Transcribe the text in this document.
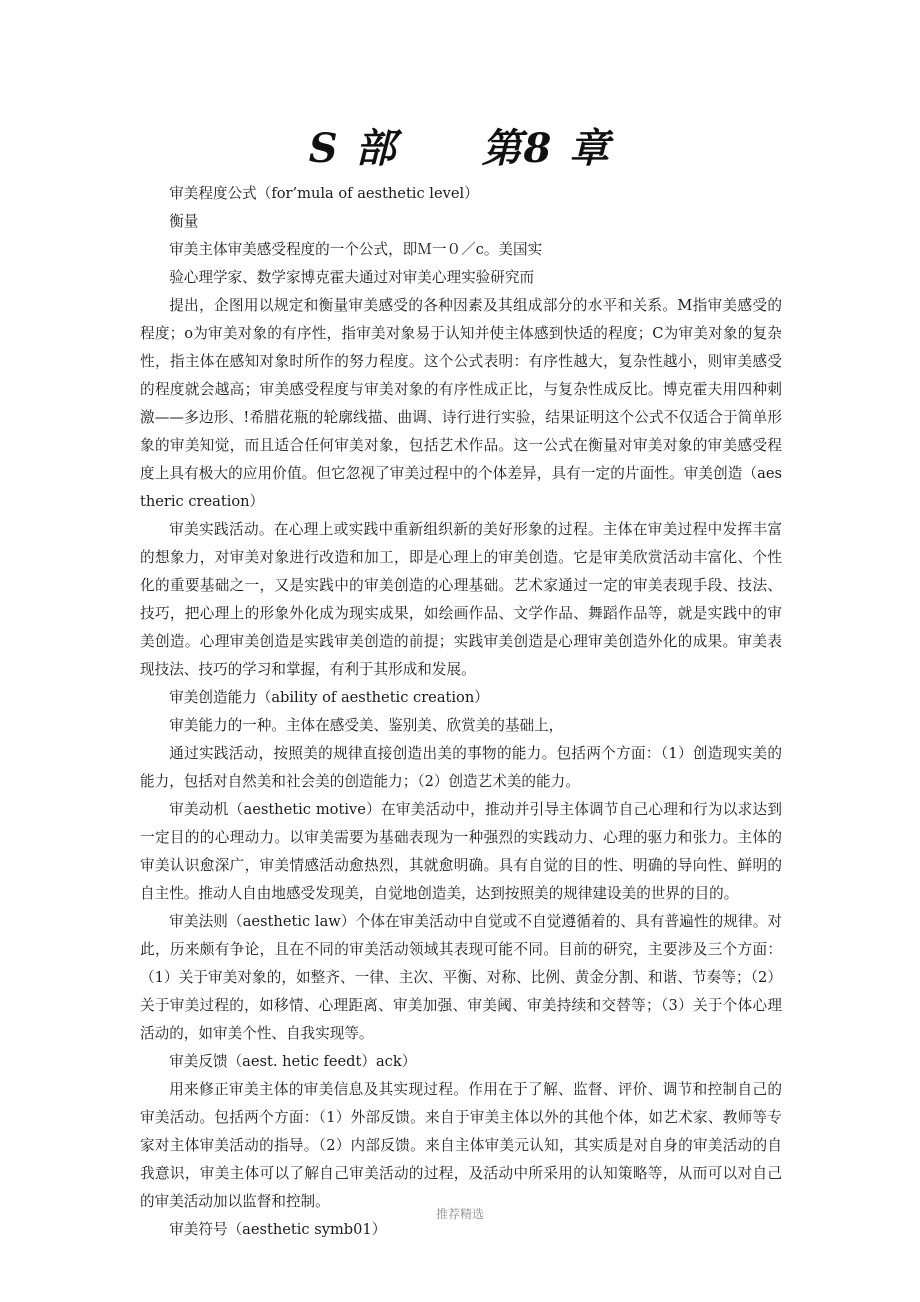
S 部　　第8 章

审美程度公式（for’mula of aesthetic level）

衡量

审美主体审美感受程度的一个公式，即Ｍ一０／c。美国实

验心理学家、数学家博克霍夫通过对审美心理实验研究而

提出，企图用以规定和衡量审美感受的各种因素及其组成部分的水平和关系。M指审美感受的程度；o为审美对象的有序性，指审美对象易于认知并使主体感到快适的程度；C为审美对象的复杂性，指主体在感知对象时所作的努力程度。这个公式表明：有序性越大，复杂性越小，则审美感受的程度就会越高；审美感受程度与审美对象的有序性成正比，与复杂性成反比。博克霍夫用四种刺激——多边形、!希腊花瓶的轮廓线描、曲调、诗行进行实验，结果证明这个公式不仅适合于简单形象的审美知觉，而且适合任何审美对象，包括艺术作品。这一公式在衡量对审美对象的审美感受程度上具有极大的应用价值。但它忽视了审美过程中的个体差异，具有一定的片面性。审美创造（aestheric creation）

审美实践活动。在心理上或实践中重新组织新的美好形象的过程。主体在审美过程中发挥丰富的想象力，对审美对象进行改造和加工，即是心理上的审美创造。它是审美欣赏活动丰富化、个性化的重要基础之一，又是实践中的审美创造的心理基础。艺术家通过一定的审美表现手段、技法、技巧，把心理上的形象外化成为现实成果，如绘画作品、文学作品、舞蹈作品等，就是实践中的审美创造。心理审美创造是实践审美创造的前提；实践审美创造是心理审美创造外化的成果。审美表现技法、技巧的学习和掌握，有利于其形成和发展。

审美创造能力（ability of aesthetic creation）

审美能力的一种。主体在感受美、鉴别美、欣赏美的基础上，

通过实践活动，按照美的规律直接创造出美的事物的能力。包括两个方面：（1）创造现实美的能力，包括对自然美和社会美的创造能力；（2）创造艺术美的能力。

审美动机（aesthetic motive）在审美活动中，推动并引导主体调节自己心理和行为以求达到一定目的的心理动力。以审美需要为基础表现为一种强烈的实践动力、心理的驱力和张力。主体的审美认识愈深广，审美情感活动愈热烈，其就愈明确。具有自觉的目的性、明确的导向性、鲜明的自主性。推动人自由地感受发现美，自觉地创造美，达到按照美的规律建设美的世界的目的。

审美法则（aesthetic law）个体在审美活动中自觉或不自觉遵循着的、具有普遍性的规律。对此，历来颇有争论，且在不同的审美活动领域其表现可能不同。目前的研究，主要涉及三个方面：（1）关于审美对象的，如整齐、一律、主次、平衡、对称、比例、黄金分割、和谐、节奏等；（2）关于审美过程的，如移情、心理距离、审美加强、审美阈、审美持续和交替等；（3）关于个体心理活动的，如审美个性、自我实现等。

审美反馈（aest. hetic feedt）ack）

用来修正审美主体的审美信息及其实现过程。作用在于了解、监督、评价、调节和控制自己的审美活动。包括两个方面：（1）外部反馈。来自于审美主体以外的其他个体，如艺术家、教师等专家对主体审美活动的指导。（2）内部反馈。来自主体审美元认知，其实质是对自身的审美活动的自我意识，审美主体可以了解自己审美活动的过程，及活动中所采用的认知策略等，从而可以对自己的审美活动加以监督和控制。

审美符号（aesthetic symb01）

推荐精选
